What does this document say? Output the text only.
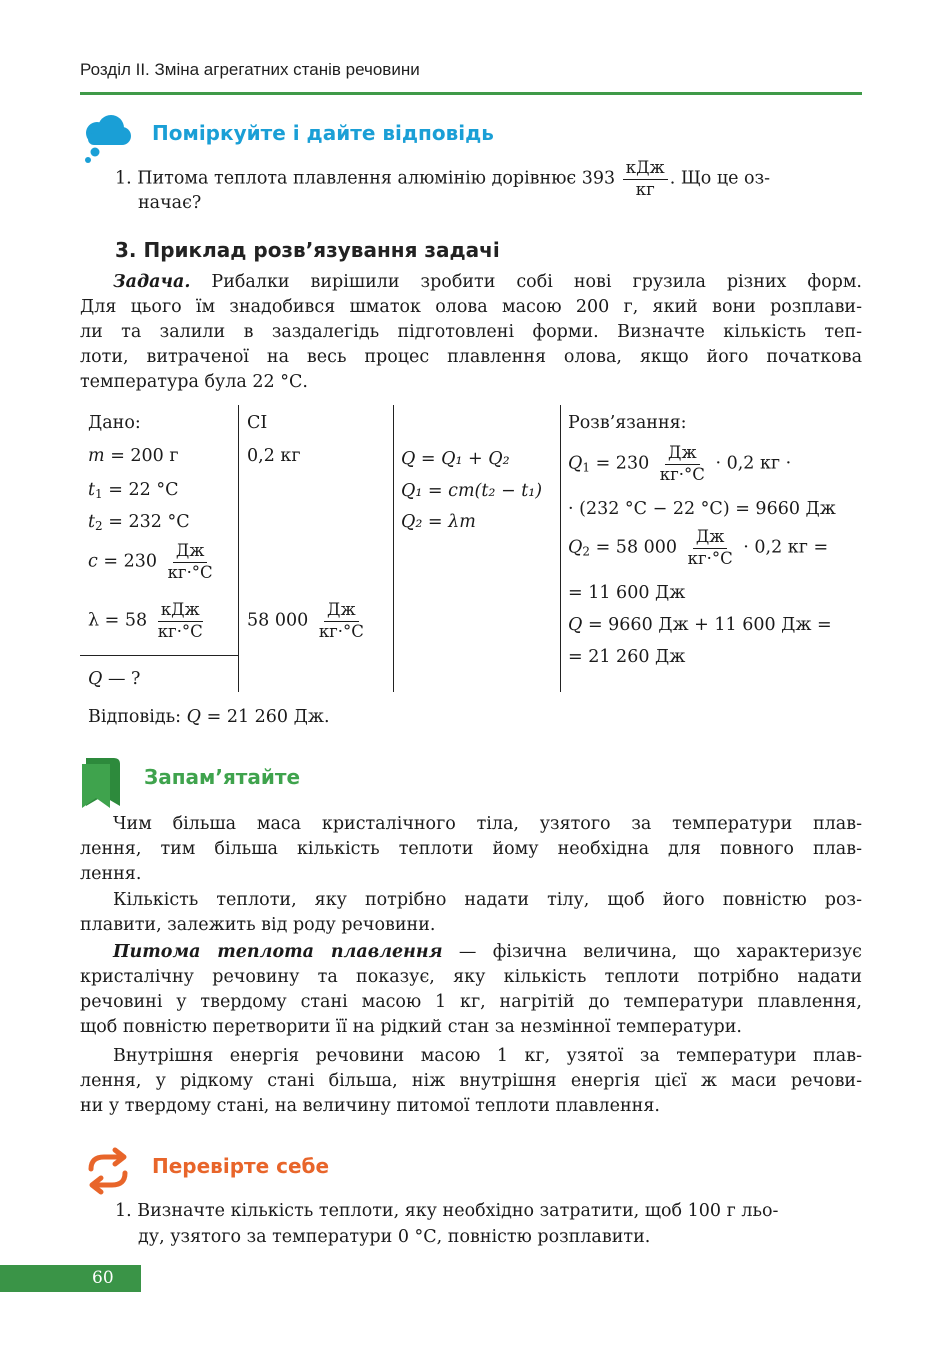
Розділ ІІ. Зміна агрегатних станів речовини
Поміркуйте і дайте відповідь
1. Питома теплота плавлення алюмінію дорівнює $393 \frac{\text{кДж}}{кг}$ . Що це оз-
начає?
3. Приклад розв’язування задачі
Задача. Рибалки вирішили зробити собі нові грузила різних форм.
Для цього їм знадобився шматок олова масою 200 г, який вони розплави-
ли та залили в заздалегідь підготовлені форми. Визначте кількість теп-
лоти, витраченої на весь процес плавлення олова, якщо його початкова
температура була 22 °С.
Дано:
m = 200 г
$t_1 = 22$ °С
$t_2 = 232$ °С
$c = 230 \frac{Дж}{кг\cdot^\circ С}$
$\lambda = 58 \frac{\text{кДж}}{кг\cdot^\circ С}$
Q — ?
СІ
0,2 кг
58 $000 \frac{Дж}{кг\cdot^\circ С}$
Q = Q₁ + Q₂
Q₁ = cm(t₂ − t₁)
Q₂ = λm
Розв’язання:
$Q_1 = 230 \frac{Дж}{кг\cdot^\circ С} \cdot 0,2$ кг ·
· (232 °С − 22 °С) = 9660 Дж
$Q_2 = 58$ $000 \frac{Дж}{кг\cdot^\circ С} \cdot 0,2$ кг =
= 11 600 Дж
Q = 9660 Дж + 11 600 Дж =
= 21 260 Дж
Відповідь: Q = 21 260 Дж.
Запам’ятайте
Чим більша маса кристалічного тіла, узятого за температури плав-
лення, тим більша кількість теплоти йому необхідна для повного плав-
лення.
Кількість теплоти, яку потрібно надати тілу, щоб його повністю роз-
плавити, залежить від роду речовини.
Питома теплота плавлення — фізична величина, що характеризує
кристалічну речовину та показує, яку кількість теплоти потрібно надати
речовині у твердому стані масою 1 кг, нагрітій до температури плавлення,
щоб повністю перетворити її на рідкий стан за незмінної температури.
Внутрішня енергія речовини масою 1 кг, узятої за температури плав-
лення, у рідкому стані більша, ніж внутрішня енергія цієї ж маси речови-
ни у твердому стані, на величину питомої теплоти плавлення.
Перевірте себе
1. Визначте кількість теплоти, яку необхідно затратити, щоб 100 г льо-
ду, узятого за температури 0 °С, повністю розплавити.
60
